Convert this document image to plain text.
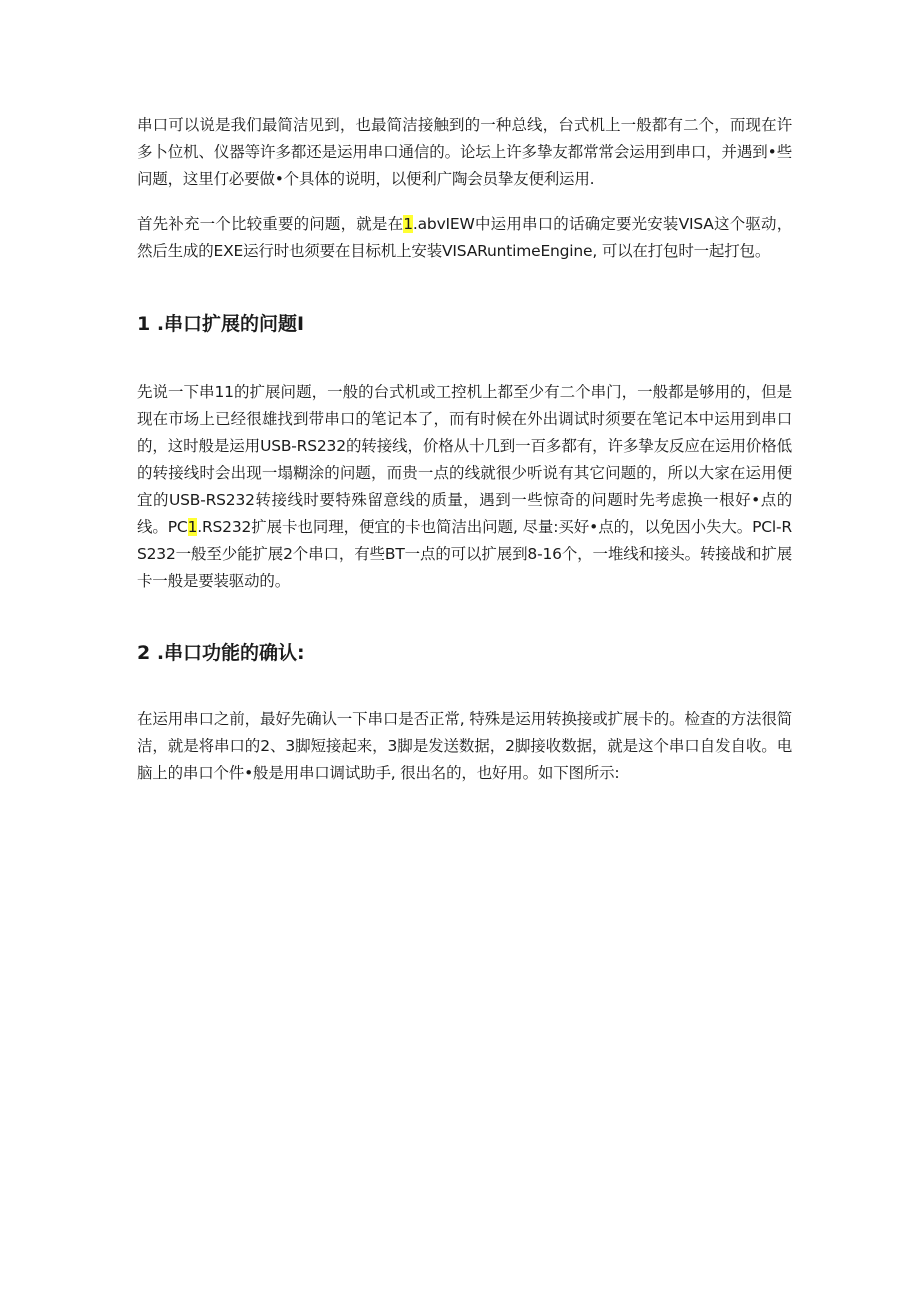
串口可以说是我们最简洁见到，也最简洁接触到的一种总线，台式机上一般都有二个，而现在许多卜位机、仪器等许多都还是运用串口通信的。论坛上许多挚友都常常会运用到串口，并遇到•些问题，这里仃必要做•个具体的说明，以便利广陶会员挚友便利运用.

首先补充一个比较重要的问题，就是在1.abvIEW中运用串口的话确定要光安装VISA这个驱动，然后生成的EXE运行时也须要在目标机上安装VISARuntimeEngine, 可以在打包时一起打包。

1 .串口扩展的问题I

先说一下串11的扩展问题，一般的台式机或工控机上都至少有二个串门，一般都是够用的，但是现在市场上已经很雄找到带串口的笔记本了，而有时候在外出调试时须要在笔记本中运用到串口的，这时般是运用USB-RS232的转接线，价格从十几到一百多都有，许多挚友反应在运用价格低的转接线时会出现一塌糊涂的问题，而贵一点的线就很少听说有其它问题的，所以大家在运用便宜的USB-RS232转接线时要特殊留意线的质量，遇到一些惊奇的问题时先考虑换一根好•点的线。PC1.RS232扩展卡也同理，便宜的卡也简洁出问题, 尽量:买好•点的，以免因小失大。PCl-RS232一般至少能扩展2个串口，有些BT一点的可以扩展到8-16个，一堆线和接头。转接战和扩展卡一般是要装驱动的。

2 .串口功能的确认:

在运用串口之前，最好先确认一下串口是否正常, 特殊是运用转换接或扩展卡的。检查的方法很简洁，就是将串口的2、3脚短接起来，3脚是发送数据，2脚接收数据，就是这个串口自发自收。电脑上的串口个件•般是用串口调试助手, 很出名的，也好用。如下图所示:
